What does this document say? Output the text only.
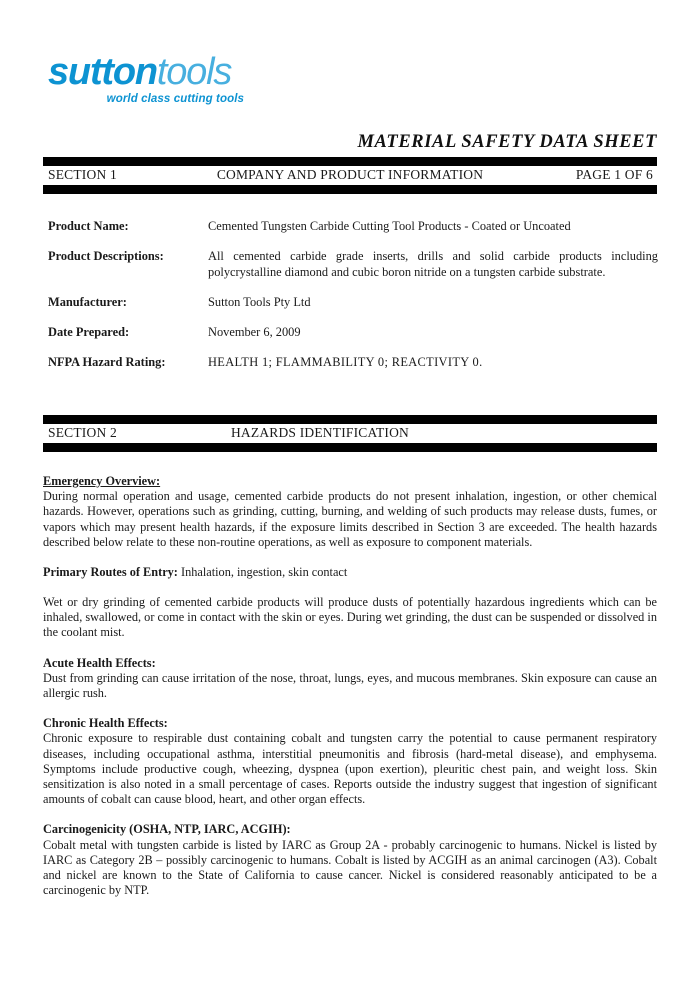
suttontools
world class cutting tools
MATERIAL SAFETY DATA SHEET
SECTION 1	COMPANY AND PRODUCT INFORMATION	PAGE 1 OF 6
Product Name:	Cemented Tungsten Carbide Cutting Tool Products - Coated or Uncoated
Product Descriptions:	All cemented carbide grade inserts, drills and solid carbide products including polycrystalline diamond and cubic boron nitride on a tungsten carbide substrate.
Manufacturer:	Sutton Tools Pty Ltd
Date Prepared:	November 6, 2009
NFPA Hazard Rating:	HEALTH 1; FLAMMABILITY 0; REACTIVITY 0.
SECTION 2	HAZARDS IDENTIFICATION
Emergency Overview:

During normal operation and usage, cemented carbide products do not present inhalation, ingestion, or other chemical hazards. However, operations such as grinding, cutting, burning, and welding of such products may release dusts, fumes, or vapors which may present health hazards, if the exposure limits described in Section 3 are exceeded. The health hazards described below relate to these non-routine operations, as well as exposure to component materials.

Primary Routes of Entry: Inhalation, ingestion, skin contact

Wet or dry grinding of cemented carbide products will produce dusts of potentially hazardous ingredients which can be inhaled, swallowed, or come in contact with the skin or eyes. During wet grinding, the dust can be suspended or dissolved in the coolant mist.

Acute Health Effects:

Dust from grinding can cause irritation of the nose, throat, lungs, eyes, and mucous membranes. Skin exposure can cause an allergic rush.

Chronic Health Effects:

Chronic exposure to respirable dust containing cobalt and tungsten carry the potential to cause permanent respiratory diseases, including occupational asthma, interstitial pneumonitis and fibrosis (hard-metal disease), and emphysema. Symptoms include productive cough, wheezing, dyspnea (upon exertion), pleuritic chest pain, and weight loss. Skin sensitization is also noted in a small percentage of cases. Reports outside the industry suggest that ingestion of significant amounts of cobalt can cause blood, heart, and other organ effects.

Carcinogenicity (OSHA, NTP, IARC, ACGIH):

Cobalt metal with tungsten carbide is listed by IARC as Group 2A - probably carcinogenic to humans. Nickel is listed by IARC as Category 2B – possibly carcinogenic to humans. Cobalt is listed by ACGIH as an animal carcinogen (A3). Cobalt and nickel are known to the State of California to cause cancer. Nickel is considered reasonably anticipated to be a carcinogenic by NTP.
